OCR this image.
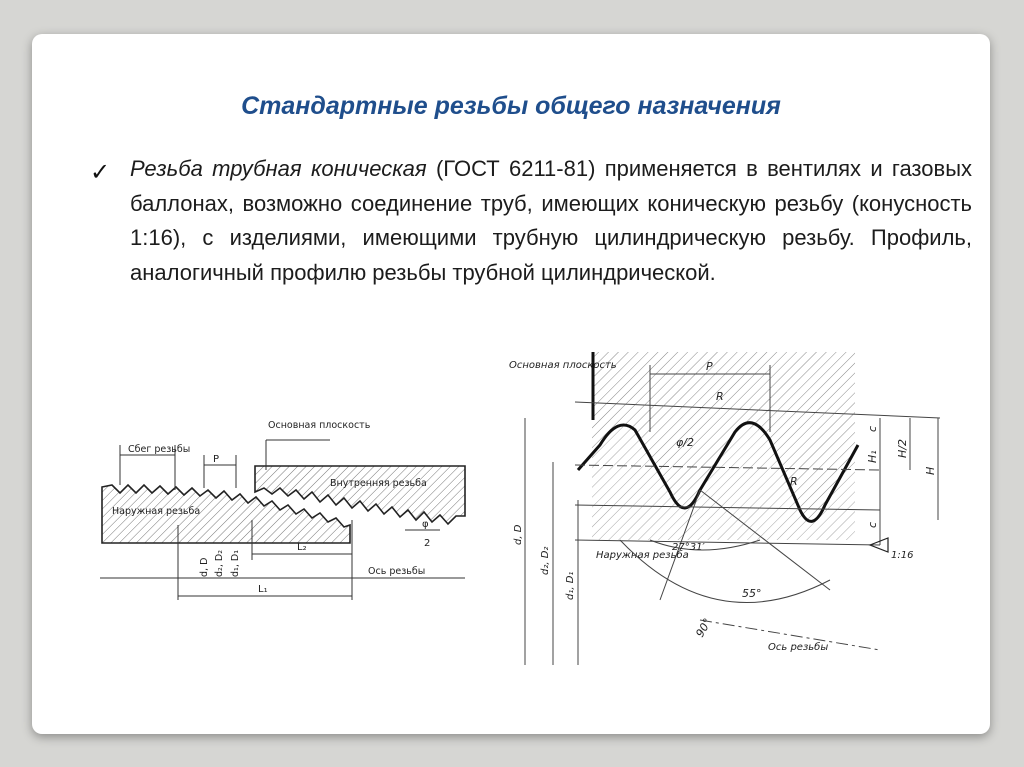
Стандартные резьбы общего назначения
✓ Резьба трубная коническая (ГОСТ 6211-81) применяется в вентилях и газовых баллонах, возможно соединение труб, имеющих коническую резьбу (конусность 1:16), с изделиями, имеющими трубную цилиндрическую резьбу. Профиль, аналогичный профилю резьбы трубной цилиндрической.
Сбег резьбы
P
Основная плоскость
Внутренняя резьба
Наружная резьба
d, D d₂, D₂ d₁, D₁
L₂
L₁
φ
2
Ось резьбы
Основная плоскость	P
R
R
φ/2
c
H₁
c
H/2
H
Наружная резьба
27°31′
55°
90°
1:16
d, D
d₂, D₂
d₁, D₁
Ось резьбы
